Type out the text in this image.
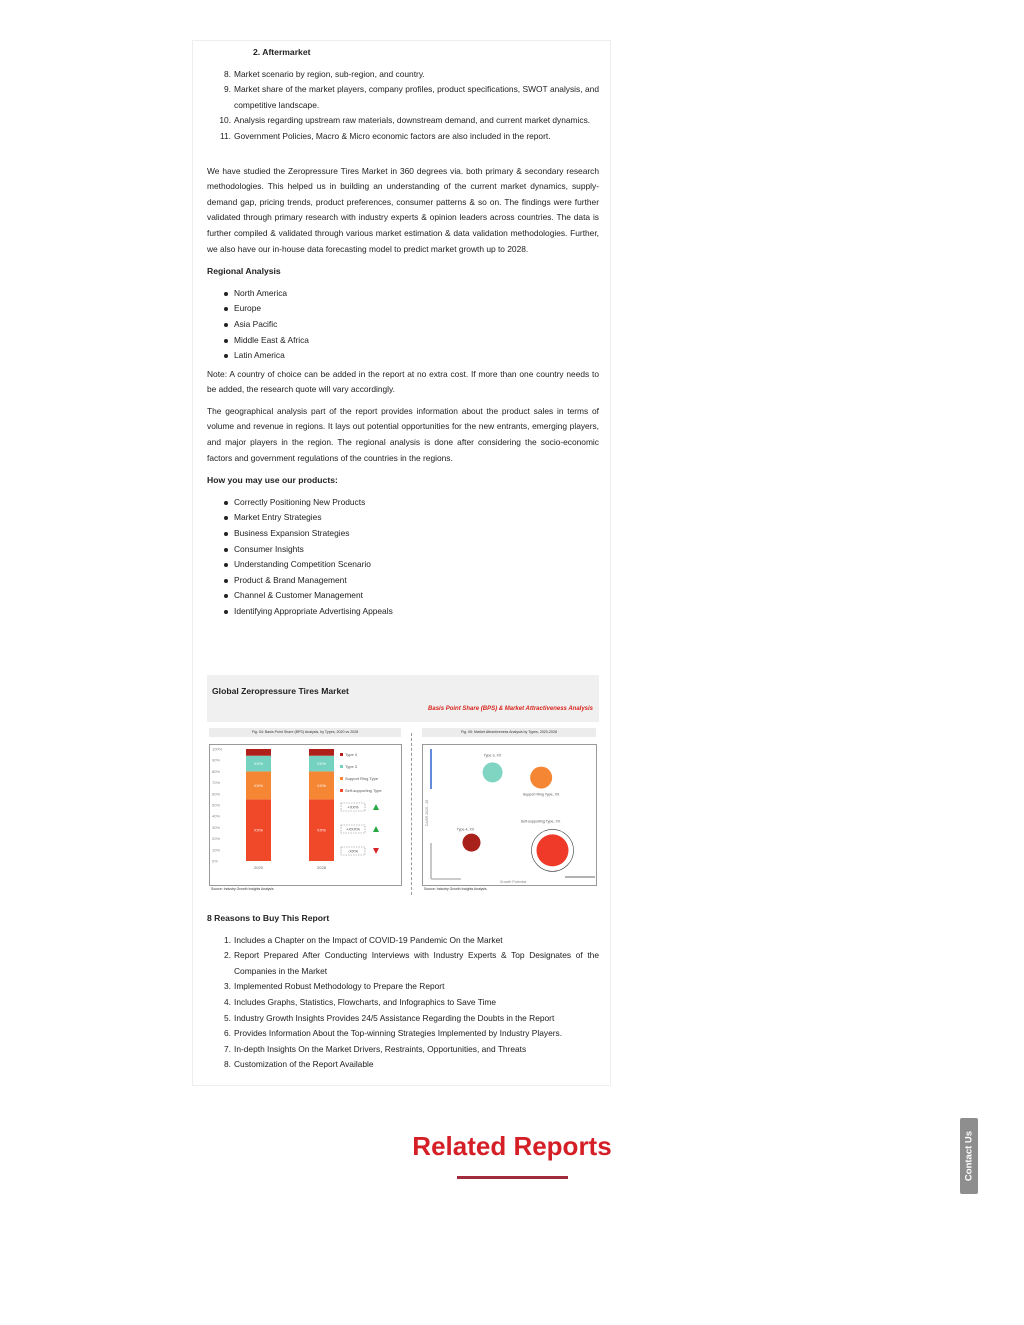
2. Aftermarket
8. Market scenario by region, sub-region, and country.
9. Market share of the market players, company profiles, product specifications, SWOT analysis, and competitive landscape.
10. Analysis regarding upstream raw materials, downstream demand, and current market dynamics.
11. Government Policies, Macro & Micro economic factors are also included in the report.

We have studied the Zeropressure Tires Market in 360 degrees via. both primary & secondary research methodologies. This helped us in building an understanding of the current market dynamics, supply-demand gap, pricing trends, product preferences, consumer patterns & so on. The findings were further validated through primary research with industry experts & opinion leaders across countries. The data is further compiled & validated through various market estimation & data validation methodologies. Further, we also have our in-house data forecasting model to predict market growth up to 2028.

Regional Analysis
North America
Europe
Asia Pacific
Middle East & Africa
Latin America

Note: A country of choice can be added in the report at no extra cost. If more than one country needs to be added, the research quote will vary accordingly.

The geographical analysis part of the report provides information about the product sales in terms of volume and revenue in regions. It lays out potential opportunities for the new entrants, emerging players, and major players in the region. The regional analysis is done after considering the socio-economic factors and government regulations of the countries in the regions.

How you may use our products:
Correctly Positioning New Products
Market Entry Strategies
Business Expansion Strategies
Consumer Insights
Understanding Competition Scenario
Product & Brand Management
Channel & Customer Management
Identifying Appropriate Advertising Appeals
Global Zeropressure Tires Market
Basis Point Share (BPS) & Market Attractiveness Analysis
Fig. 04: Basis Point Share (BPS) Analysis, by Types, 2020 vs 2028	Fig. 05: Market Attractiveness Analysis by Types, 2020-2028
0%
10%
20%
30%
40%
50%
60%
70%
80%
90%
100%
XX%
XX%
XX%
2020
XX%
XX%
XX%
2028
Type 4
Type 3
Support Ring Type
Self-supporting Type
+XX%
+XXX%
-XX%
CAGR 2020 - 28
Growth Potential
Type 3, XX
Support Ring Type, XX
Type 4, XX
Self-supporting Type, XX
Source: Industry Growth Insights Analysis	Source: Industry Growth Insights Analysis
8 Reasons to Buy This Report
1. Includes a Chapter on the Impact of COVID-19 Pandemic On the Market
2. Report Prepared After Conducting Interviews with Industry Experts & Top Designates of the Companies in the Market
3. Implemented Robust Methodology to Prepare the Report
4. Includes Graphs, Statistics, Flowcharts, and Infographics to Save Time
5. Industry Growth Insights Provides 24/5 Assistance Regarding the Doubts in the Report
6. Provides Information About the Top-winning Strategies Implemented by Industry Players.
7. In-depth Insights On the Market Drivers, Restraints, Opportunities, and Threats
8. Customization of the Report Available
Related Reports	Contact Us
